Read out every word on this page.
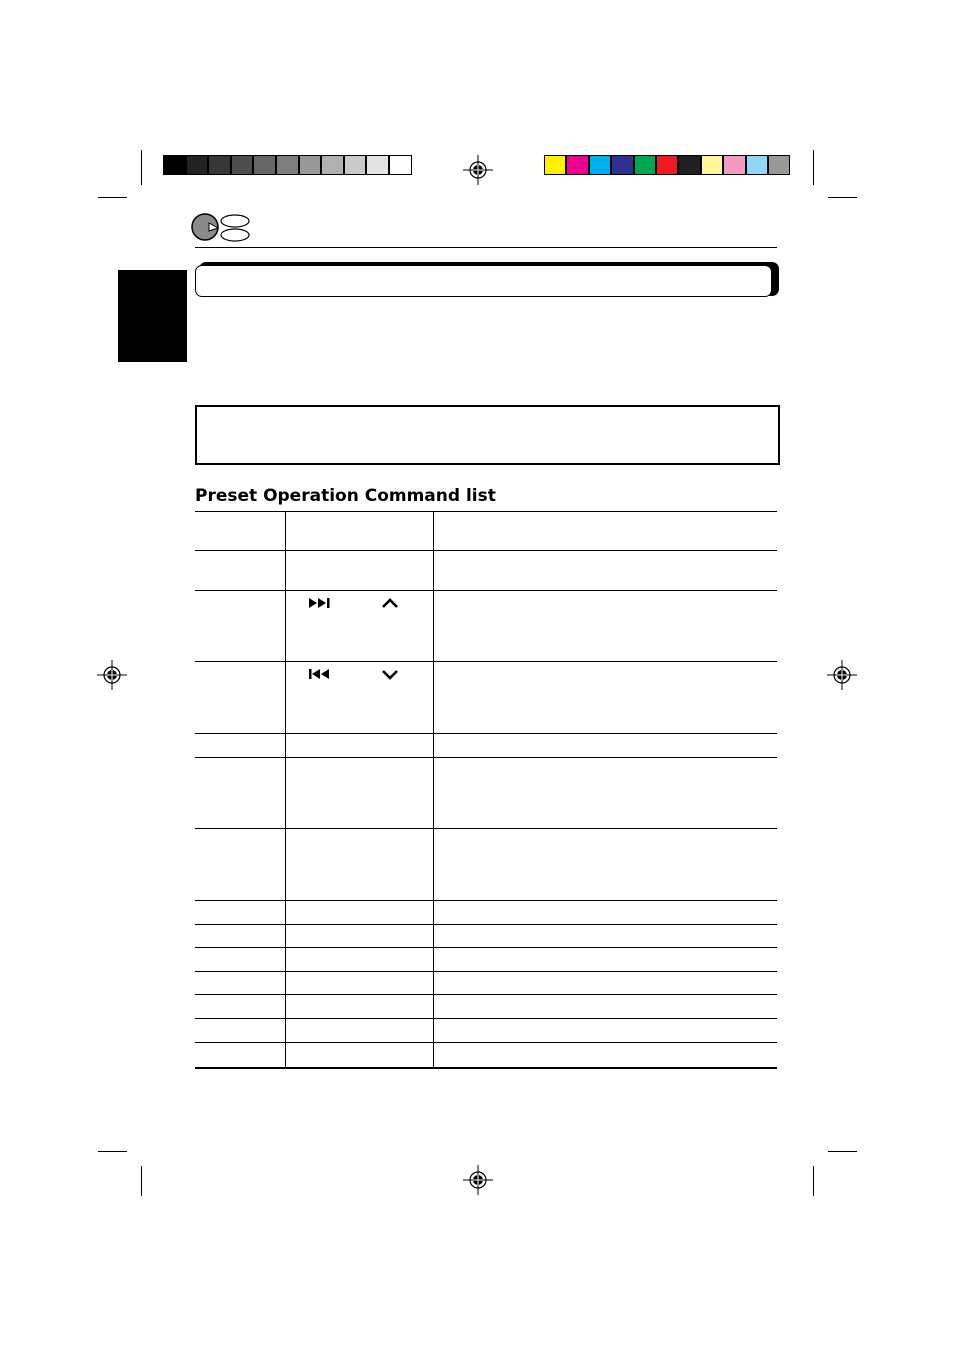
Preset Operation Command list
